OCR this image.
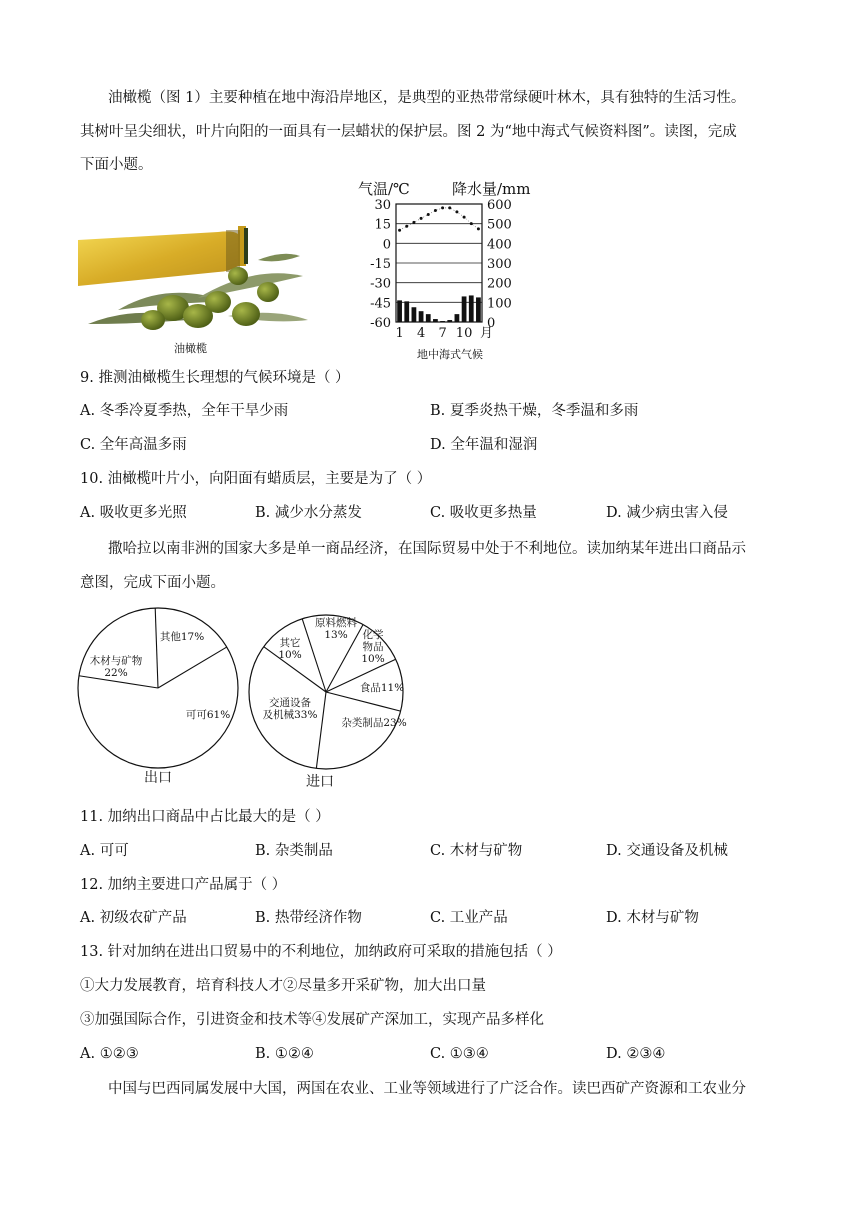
油橄榄（图 1）主要种植在地中海沿岸地区，是典型的亚热带常绿硬叶林木，具有独特的生活习性。
其树叶呈尖细状，叶片向阳的一面具有一层蜡状的保护层。图 2 为“地中海式气候资料图”。读图，完成
下面小题。
油橄榄
气温/℃	降水量/mm
30
15
0
-15
-30
-45
-60
600
500
400
300
200
100
0
1 4 7 10 月
地中海式气候
9. 推测油橄榄生长理想的气候环境是（ ）
A. 冬季冷夏季热，全年干旱少雨	B. 夏季炎热干燥，冬季温和多雨
C. 全年高温多雨	D. 全年温和湿润
10. 油橄榄叶片小，向阳面有蜡质层，主要是为了（ ）
A. 吸收更多光照	B. 减少水分蒸发	C. 吸收更多热量	D. 减少病虫害入侵
撒哈拉以南非洲的国家大多是单一商品经济，在国际贸易中处于不利地位。读加纳某年进出口商品示
意图，完成下面小题。
其他17%
可可61%
木材与矿物
22%
出口
原料燃料
13% 化学
物品
10%
食品11%
杂类制品23%
交通设备
及机械33%
其它
10%
进口
11. 加纳出口商品中占比最大的是（ ）
A. 可可	B. 杂类制品	C. 木材与矿物	D. 交通设备及机械
12. 加纳主要进口产品属于（ ）
A. 初级农矿产品	B. 热带经济作物	C. 工业产品	D. 木材与矿物
13. 针对加纳在进出口贸易中的不利地位，加纳政府可采取的措施包括（ ）
①大力发展教育，培育科技人才②尽量多开采矿物，加大出口量
③加强国际合作，引进资金和技术等④发展矿产深加工，实现产品多样化
A. ①②③	B. ①②④	C. ①③④	D. ②③④
中国与巴西同属发展中大国，两国在农业、工业等领域进行了广泛合作。读巴西矿产资源和工农业分
